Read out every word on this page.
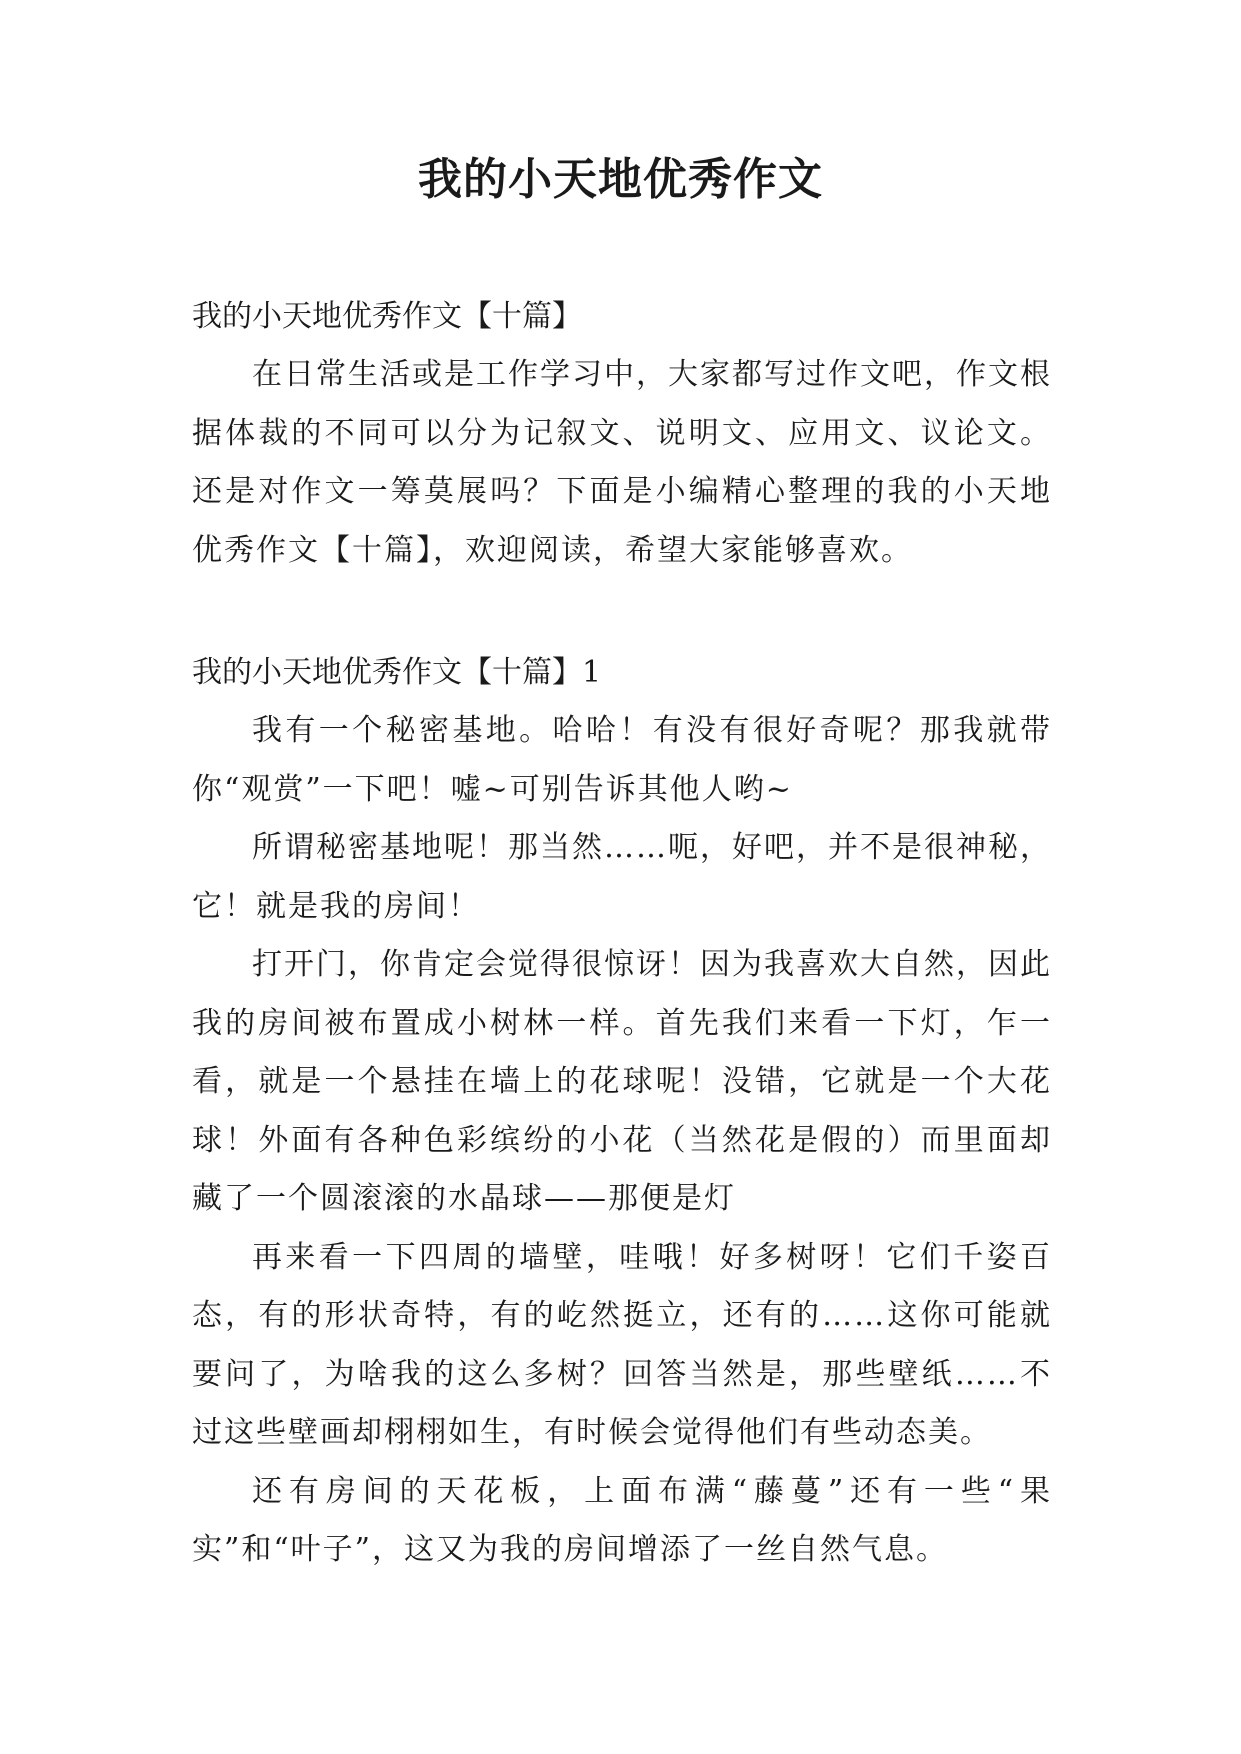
我的小天地优秀作文

我的小天地优秀作文【十篇】

在日常生活或是工作学习中，大家都写过作文吧，作文根据体裁的不同可以分为记叙文、说明文、应用文、议论文。还是对作文一筹莫展吗？下面是小编精心整理的我的小天地优秀作文【十篇】，欢迎阅读，希望大家能够喜欢。

我的小天地优秀作文【十篇】1

我有一个秘密基地。哈哈！有没有很好奇呢？那我就带你“观赏”一下吧！嘘~可别告诉其他人哟~

所谓秘密基地呢！那当然……呃，好吧，并不是很神秘，它！就是我的房间！

打开门，你肯定会觉得很惊讶！因为我喜欢大自然，因此我的房间被布置成小树林一样。首先我们来看一下灯，乍一看，就是一个悬挂在墙上的花球呢！没错，它就是一个大花球！外面有各种色彩缤纷的小花（当然花是假的）而里面却藏了一个圆滚滚的水晶球——那便是灯

再来看一下四周的墙壁，哇哦！好多树呀！它们千姿百态，有的形状奇特，有的屹然挺立，还有的……这你可能就要问了，为啥我的这么多树？回答当然是，那些壁纸……不过这些壁画却栩栩如生，有时候会觉得他们有些动态美。

还有房间的天花板，上面布满“藤蔓”还有一些“果实”和“叶子”，这又为我的房间增添了一丝自然气息。
